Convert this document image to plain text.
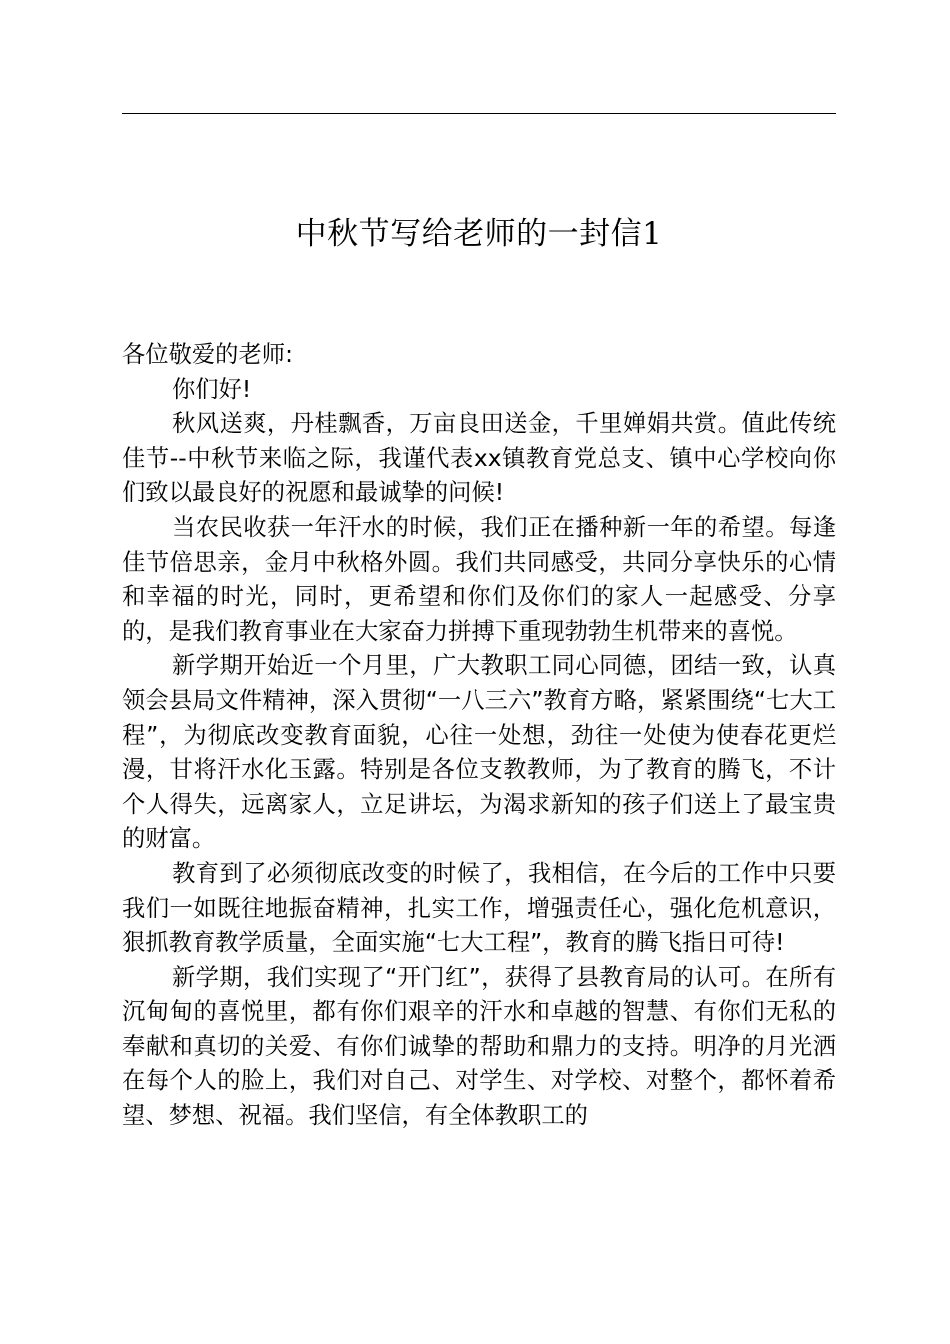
中秋节写给老师的一封信1

各位敬爱的老师:

你们好!

秋风送爽，丹桂飘香，万亩良田送金，千里婵娟共赏。值此传统佳节--中秋节来临之际，我谨代表xx镇教育党总支、镇中心学校向你们致以最良好的祝愿和最诚挚的问候!

当农民收获一年汗水的时候，我们正在播种新一年的希望。每逢佳节倍思亲，金月中秋格外圆。我们共同感受，共同分享快乐的心情和幸福的时光，同时，更希望和你们及你们的家人一起感受、分享的，是我们教育事业在大家奋力拼搏下重现勃勃生机带来的喜悦。

新学期开始近一个月里，广大教职工同心同德，团结一致，认真领会县局文件精神，深入贯彻“一八三六”教育方略，紧紧围绕“七大工程”，为彻底改变教育面貌，心往一处想，劲往一处使为使春花更烂漫，甘将汗水化玉露。特别是各位支教教师，为了教育的腾飞，不计个人得失，远离家人，立足讲坛，为渴求新知的孩子们送上了最宝贵的财富。

教育到了必须彻底改变的时候了，我相信，在今后的工作中只要我们一如既往地振奋精神，扎实工作，增强责任心，强化危机意识，狠抓教育教学质量，全面实施“七大工程”，教育的腾飞指日可待!

新学期，我们实现了“开门红”，获得了县教育局的认可。在所有沉甸甸的喜悦里，都有你们艰辛的汗水和卓越的智慧、有你们无私的奉献和真切的关爱、有你们诚挚的帮助和鼎力的支持。明净的月光洒在每个人的脸上，我们对自己、对学生、对学校、对整个，都怀着希望、梦想、祝福。我们坚信，有全体教职工的
